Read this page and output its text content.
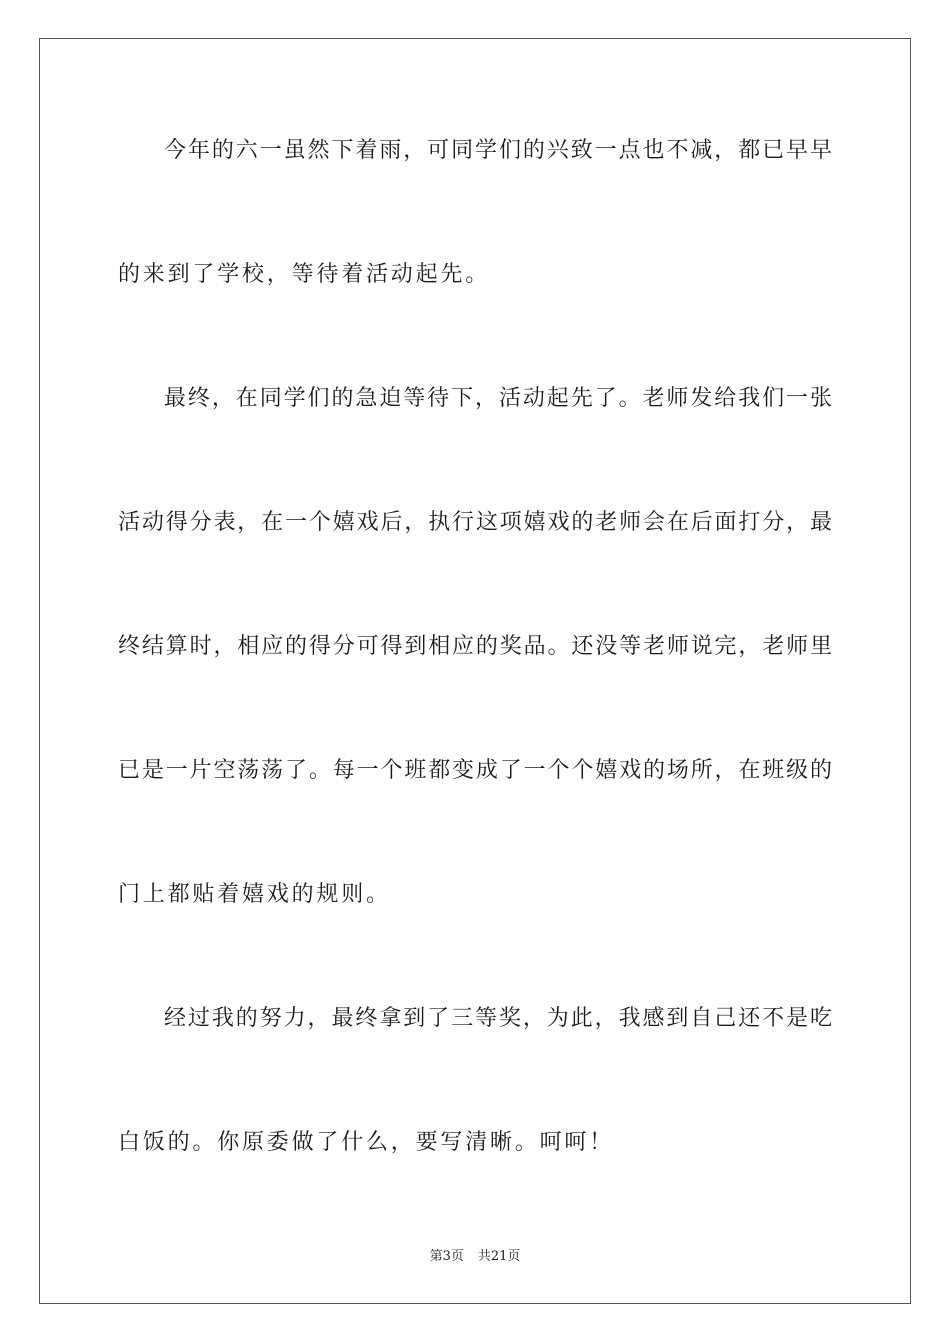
今年的六一虽然下着雨，可同学们的兴致一点也不减，都已早早
的来到了学校，等待着活动起先。
最终，在同学们的急迫等待下，活动起先了。老师发给我们一张
活动得分表，在一个嬉戏后，执行这项嬉戏的老师会在后面打分，最
终结算时，相应的得分可得到相应的奖品。还没等老师说完，老师里
已是一片空荡荡了。每一个班都变成了一个个嬉戏的场所，在班级的
门上都贴着嬉戏的规则。
经过我的努力，最终拿到了三等奖，为此，我感到自己还不是吃
白饭的。你原委做了什么，要写清晰。呵呵！
第3页 共21页
